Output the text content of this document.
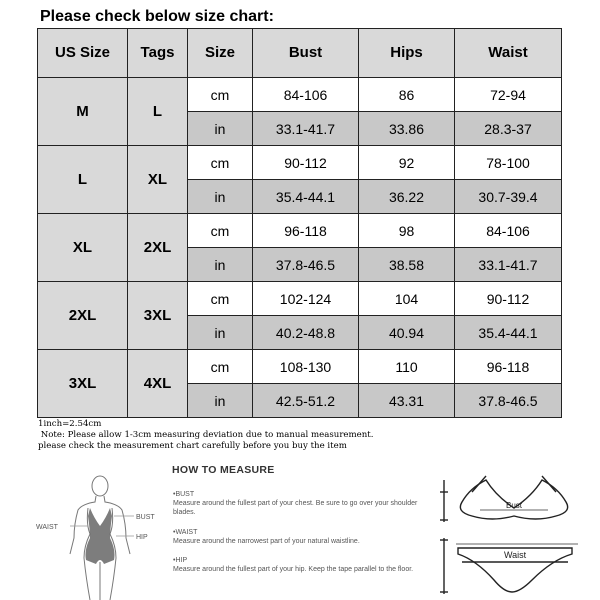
Please check below size chart:
US Size	Tags	Size	Bust	Hips	Waist
M	L	cm	84-106	86	72-94
		in	33.1-41.7	33.86	28.3-37
L	XL	cm	90-112	92	78-100
		in	35.4-44.1	36.22	30.7-39.4
XL	2XL	cm	96-118	98	84-106
		in	37.8-46.5	38.58	33.1-41.7
2XL	3XL	cm	102-124	104	90-112
		in	40.2-48.8	40.94	35.4-44.1
3XL	4XL	cm	108-130	110	96-118
		in	42.5-51.2	43.31	37.8-46.5
1inch=2.54cm
Note: Please allow 1-3cm measuring deviation due to manual measurement.
please check the measurement chart carefully before you buy the item
BUST
WAIST
HIP
HOW TO MEASURE
•BUST
Measure around the fullest part of your chest. Be sure to go over your shoulder blades.
•WAIST
Measure around the narrowest part of your natural waistline.
•HIP
Measure around the fullest part of your hip. Keep the tape parallel to the floor.
Bust
Waist
